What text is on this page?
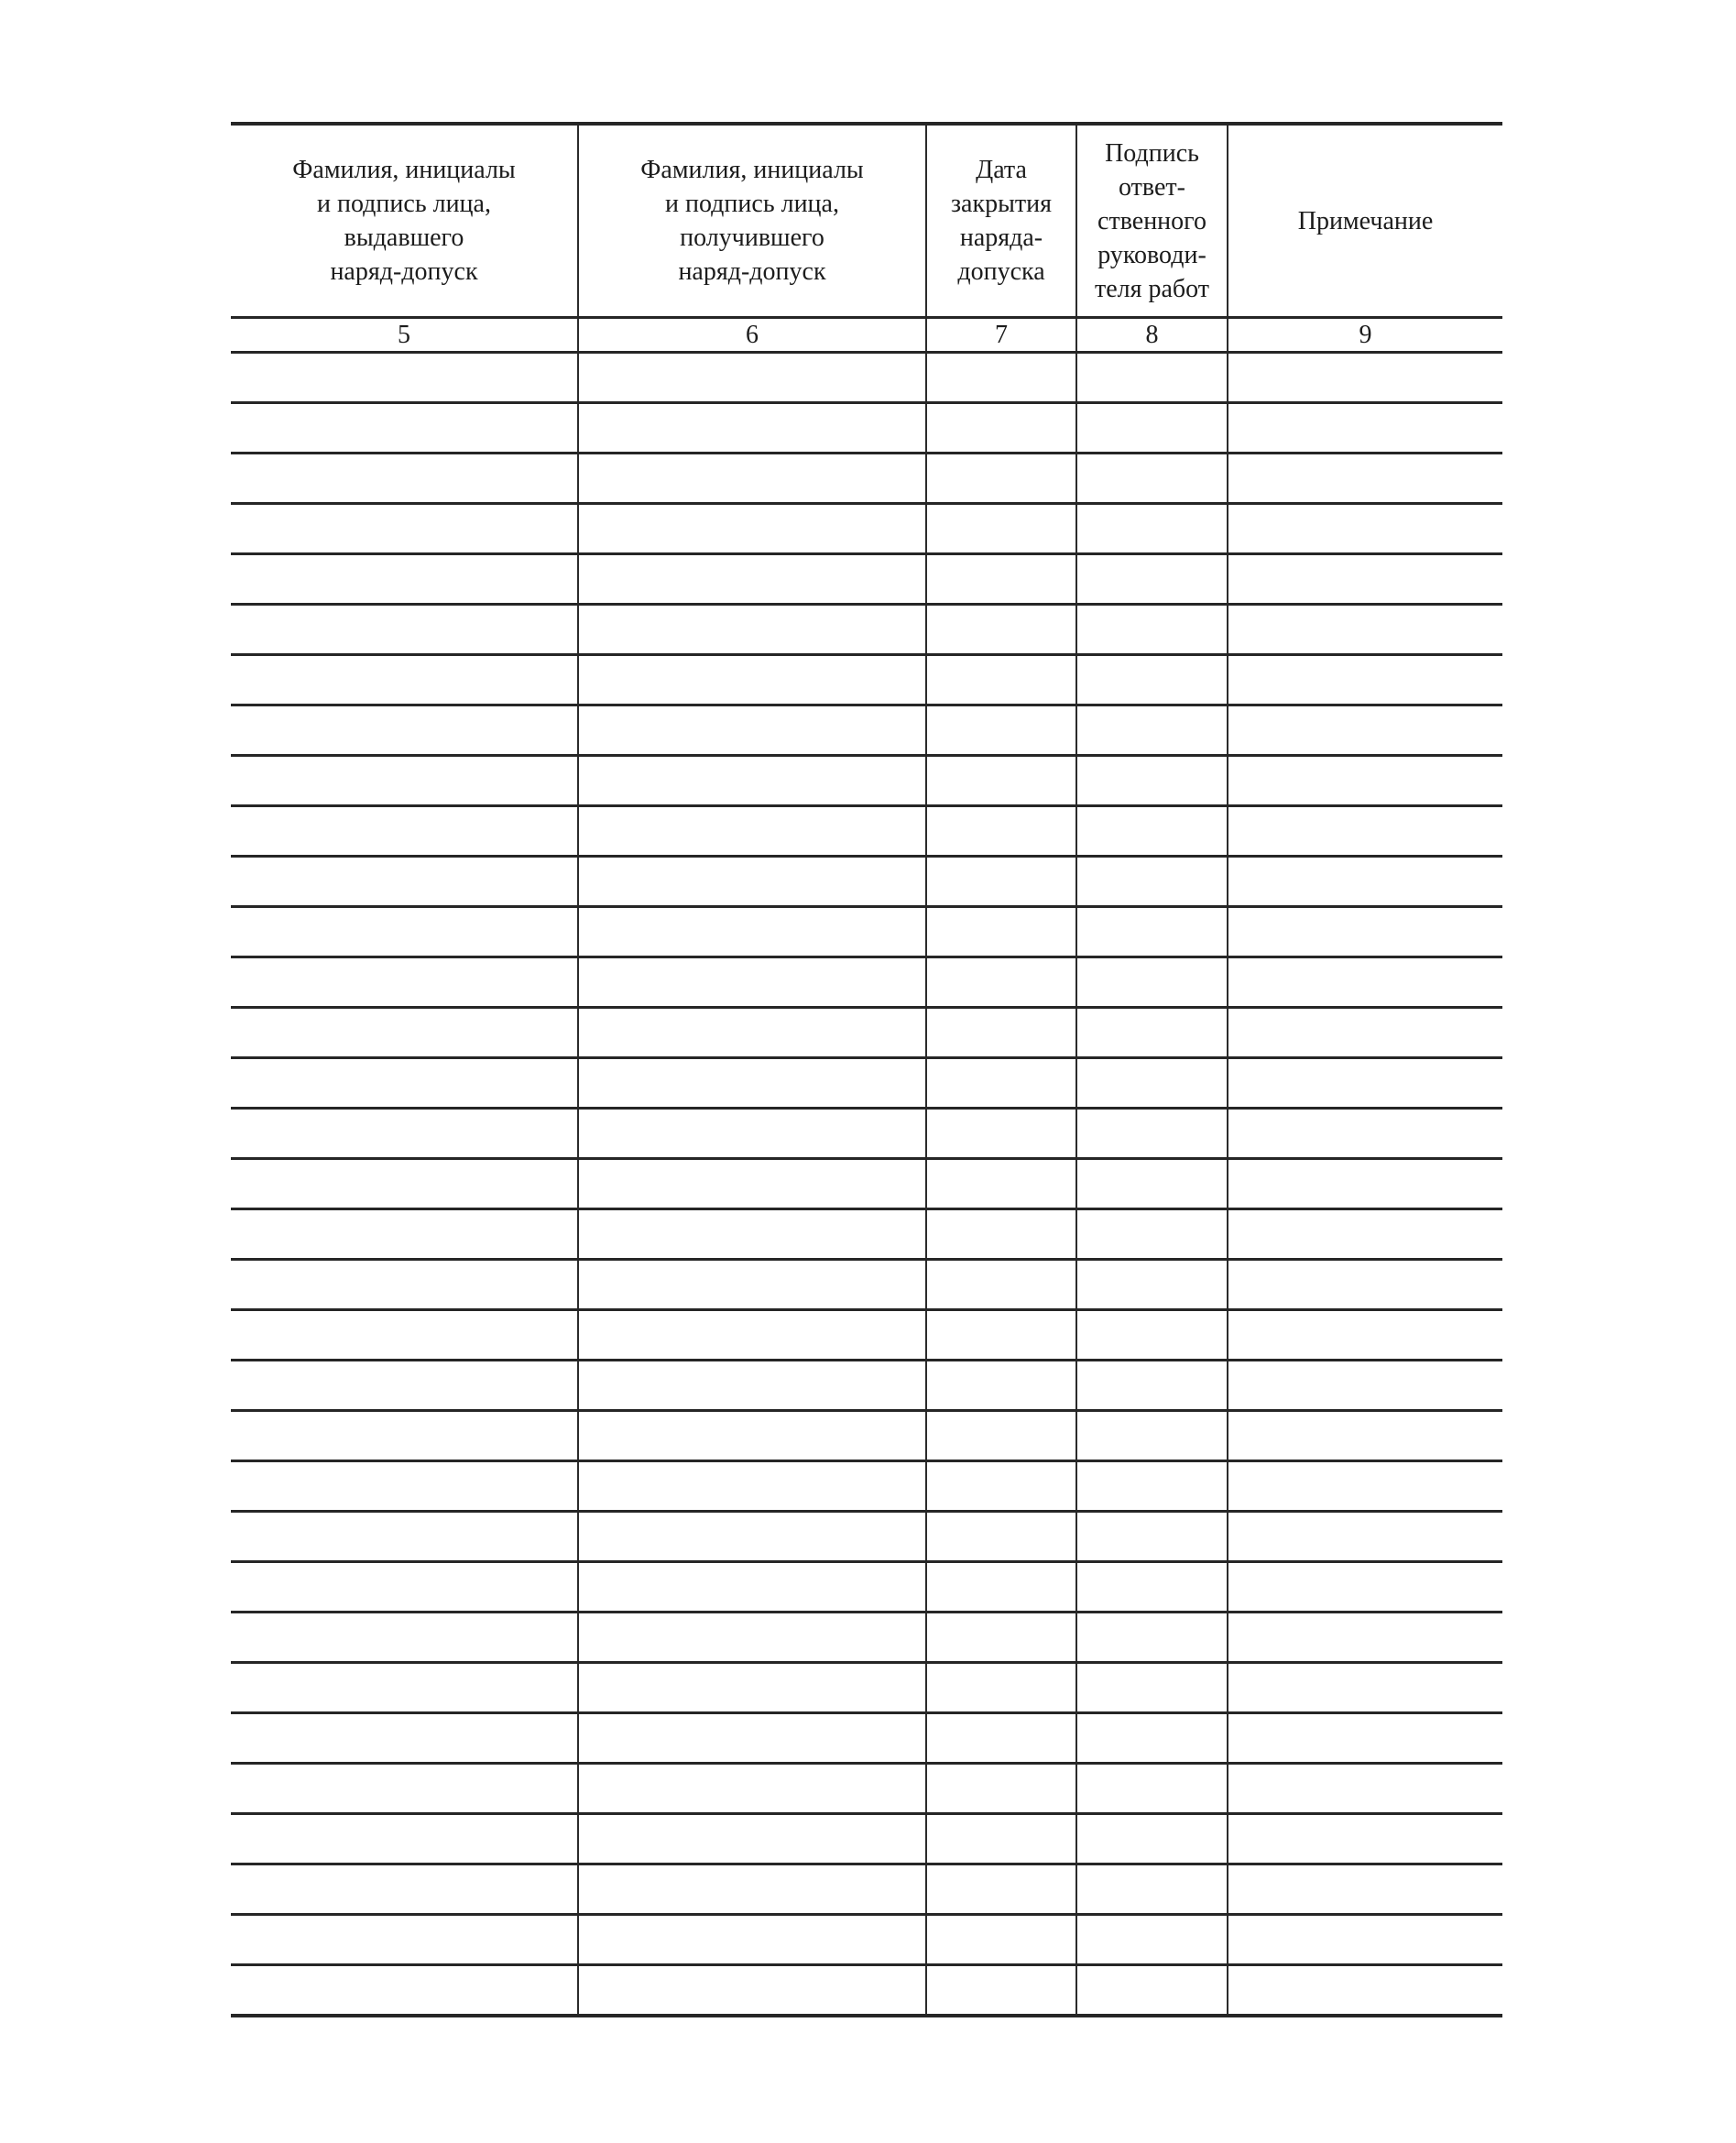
Фамилия, инициалы
и подпись лица,
выдавшего
наряд-допуск	Фамилия, инициалы
и подпись лица,
получившего
наряд-допуск	Дата
закрытия
наряда-
допуска	Подпись
ответ-
ственного
руководи-
теля работ	Примечание

5	6	7	8	9
